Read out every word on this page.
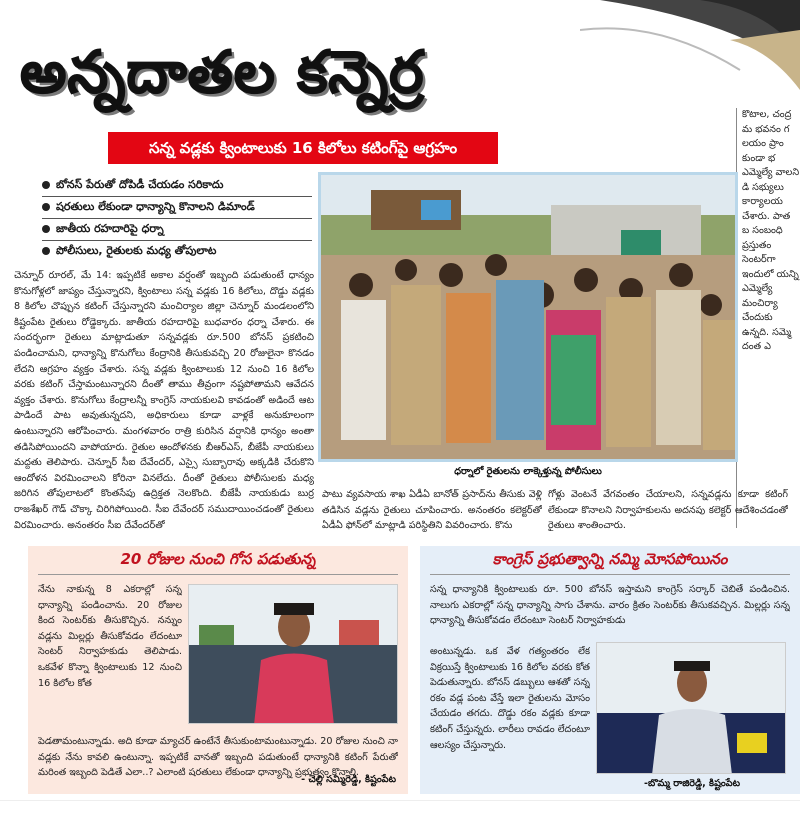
అన్నదాతల కన్నెర్ర
సన్న వడ్లకు క్వింటాలుకు 16 కిలోలు కటింగ్‌పై ఆగ్రహం
బోనస్ పేరుతో దోపిడీ చేయడం సరికాదు
షరతులు లేకుండా ధాన్యాన్ని కొనాలని డిమాండ్
జాతీయ రహదారిపై ధర్నా
పోలీసులు, రైతులకు మధ్య తోపులాట
చెన్నూర్ రూరల్, మే 14: ఇప్పటికే అకాల వర్షంతో ఇబ్బంది పడుతుంటే ధాన్యం కొనుగోళ్లలో జాప్యం చేస్తున్నారని, క్వింటాలు సన్న వడ్లకు 16 కిలోలు, దొడ్డు వడ్లకు 8 కిలోల చొప్పున కటింగ్ చేస్తున్నారని మంచిర్యాల జిల్లా చెన్నూర్ మండలంలోని కిష్టంపేట రైతులు రోడ్డెక్కారు. జాతీయ రహదారిపై బుధవారం ధర్నా చేశారు. ఈ సందర్భంగా రైతులు మాట్లాడుతూ సన్నవడ్లకు రూ.500 బోనస్ ప్రకటించి పండించామని, ధాన్యాన్ని కొనుగోలు కేంద్రానికి తీసుకువచ్చి 20 రోజులైనా కొనడం లేదని ఆగ్రహం వ్యక్తం చేశారు. సన్న వడ్లకు క్వింటాలుకు 12 నుంచి 16 కిలోల వరకు కటింగ్ చేస్తామంటున్నారని దీంతో తాము తీవ్రంగా నష్టపోతామని ఆవేదన వ్యక్తం చేశారు. కొనుగోలు కేంద్రాలన్నీ కాంగ్రెస్ నాయకులవి కావడంతో అడిందే ఆట పాడిందే పాట అవుతున్నదని, అధికారులు కూడా వాళ్లకే అనుకూలంగా ఉంటున్నారని ఆరోపించారు. మంగళవారం రాత్రి కురిసిన వర్షానికి ధాన్యం అంతా తడిసిపోయిందని వాపోయారు. రైతుల ఆందోళనకు బీఆర్ఎస్, బీజేపీ నాయకులు మద్దతు తెలిపారు. చెన్నూర్ సీఐ దేవేందర్, ఎస్సై సుబ్బారావు అక్కడికి చేరుకొని ఆందోళన విరమించాలని కోరినా వినలేదు. దీంతో రైతులు పోలీసులకు మధ్య జరిగిన తోపులాటలో కొంతసేపు ఉద్రిక్తత నెలకొంది. బీజేపీ నాయకుడు బుర్ర రాజశేఖర్ గౌడ్ చొక్కా చిరిగిపోయింది. సీఐ దేవేందర్ సముదాయించడంతో రైతులు విరమించారు. అనంతరం సీఐ దేవేందర్‌తో
కొటాల, చంద్ర మ భవనం గ లయం ప్రాం కుండా భ ఎమ్మెల్యే వాలని డి సభ్యులు కార్యాలయ చేశారు. పాత బ సంబంధి ప్రస్తుతం సెంటర్‌గా ఇందులో యన్ని ఎమ్మెల్యే మంచిర్యా చేందుకు ఉన్నది. సమ్మె దంత ఎ
ధర్నాలో రైతులను లాక్కెళ్తున్న పోలీసులు
పాటు వ్యవసాయ శాఖ ఏడీఏ బానోత్ ప్రసాద్‌ను తీసుకు వెళ్లి తడిసిన వడ్లను రైతులు చూపించారు. అనంతరం కలెక్టర్‌తో ఏడీఏ ఫోన్‌లో మాట్లాడి పరిస్థితిని వివరించారు. కొను
గోళ్లు వెంటనే వేగవంతం చేయాలని, సన్నవడ్లను కూడా కటింగ్ లేకుండా కొనాలని నిర్వాహకులను అదనపు కలెక్టర్ ఆదేశించడంతో రైతులు శాంతించారు.
20 రోజుల నుంచి గోస పడుతున్న
నేను నాకున్న 8 ఎకరాల్లో సన్న ధాన్యాన్ని పండించాను. 20 రోజుల కింద సెంటర్‌కు తీసుకొచ్చిన. నన్నుం వడ్లను మిల్లర్లు తీసుకోవడం లేదంటూ సెంటర్ నిర్వాహకుడు తెలిపాడు. ఒకవేళ కొన్నా క్వింటాలుకు 12 నుంచి 16 కిలోల కోత
పెడతామంటున్నాడు. అది కూడా మ్యాచర్ ఉంటేనే తీసుకుంటామంటున్నాడు. 20 రోజుల నుంచి నా వడ్లకు నేను కావలి ఉంటున్నా. ఇప్పటికే వానతో ఇబ్బంది పడుతుంటే ధాన్యానికి కటింగ్ పేరుతో మరింత ఇబ్బంది పెడితే ఎలా..? ఎలాంటి షరతులు లేకుండా ధాన్యాన్ని ప్రభుత్వం కొనాలి.
- చెల్లి సమ్మిరెడ్డి, కిష్టంపేట
కాంగ్రెస్ ప్రభుత్వాన్ని నమ్మి మోసపోయినం
సన్న ధాన్యానికి క్వింటాలుకు రూ. 500 బోనస్ ఇస్తామని కాంగ్రెస్ సర్కార్ చెబితే పండించిన. నాలుగు ఎకరాల్లో సన్న ధాన్యాన్ని సాగు చేశాను. వారం క్రితం సెంటర్‌కు తీసుకవచ్చిన. మిల్లర్లు సన్న ధాన్యాన్ని తీసుకోవడం లేదంటూ సెంటర్ నిర్వాహకుడు
అంటున్నడు. ఒక వేళ గత్యంతరం లేక విక్రయిస్తే క్వింటాలుకు 16 కిలోల వరకు కోత పెడుతున్నారు. బోనస్ డబ్బులు ఆశతో సన్న రకం వడ్ల పంట వేస్తే ఇలా రైతులను మోసం చేయడం తగదు. దొడ్డు రకం వడ్లకు కూడా కటింగ్ చేస్తున్నరు. లారీలు రావడం లేదంటూ ఆలస్యం చేస్తున్నారు.
-బొమ్మ రాజిరెడ్డి, కిష్టంపేట
